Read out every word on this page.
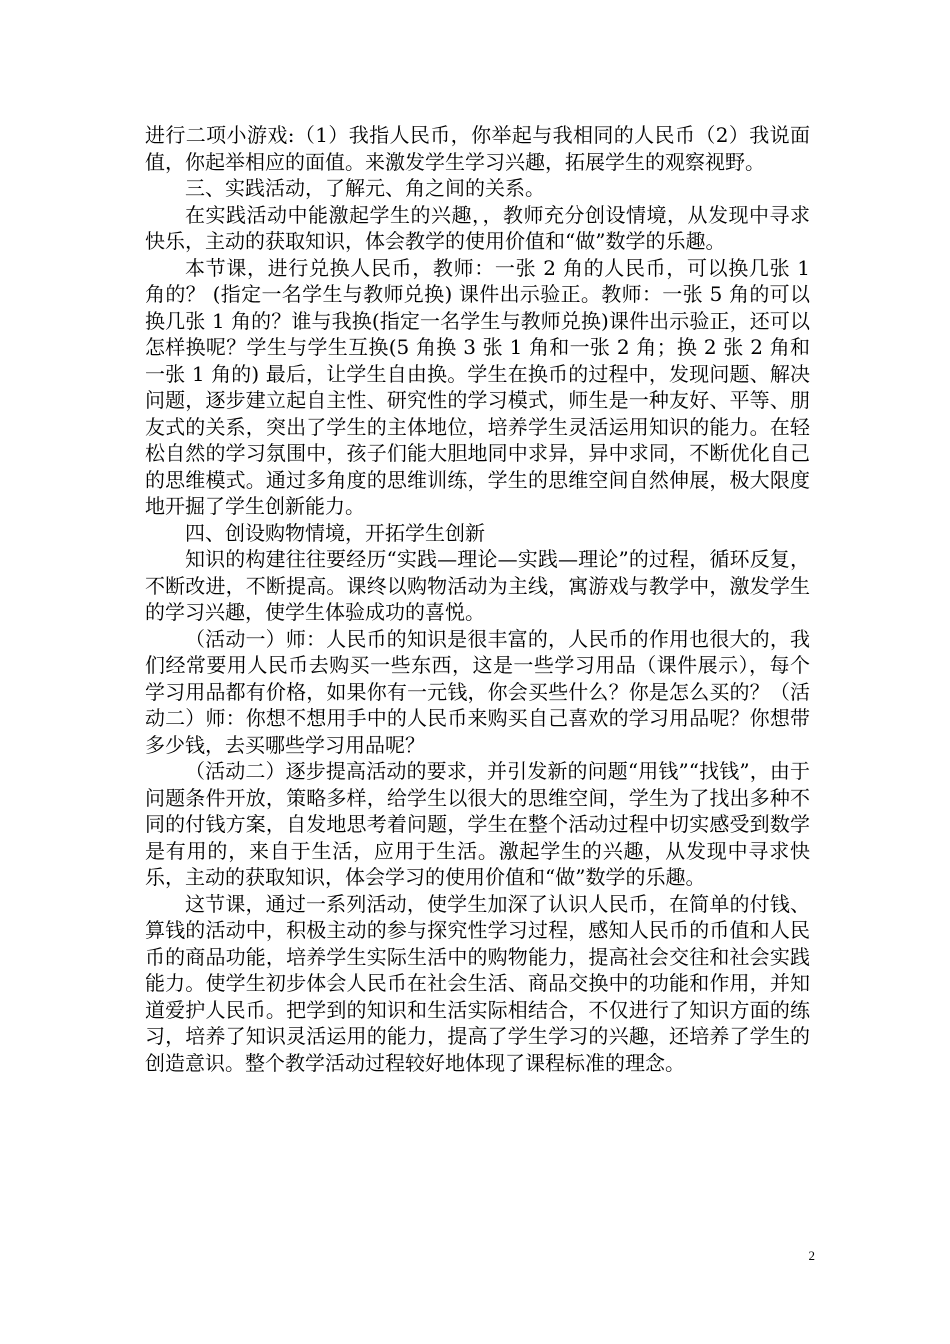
进行二项小游戏:（1）我指人民币，你举起与我相同的人民币（2）我说面值，你起举相应的面值。来激发学生学习兴趣，拓展学生的观察视野。

三、实践活动，了解元、角之间的关系。

在实践活动中能激起学生的兴趣，，教师充分创设情境，从发现中寻求快乐，主动的获取知识，体会教学的使用价值和“做”数学的乐趣。

本节课，进行兑换人民币，教师：一张 2 角的人民币，可以换几张 1 角的？ (指定一名学生与教师兑换) 课件出示验正。教师：一张 5 角的可以换几张 1 角的？谁与我换(指定一名学生与教师兑换)课件出示验正，还可以怎样换呢？学生与学生互换(5 角换 3 张 1 角和一张 2 角；换 2 张 2 角和一张 1 角的) 最后，让学生自由换。学生在换币的过程中，发现问题、解决问题，逐步建立起自主性、研究性的学习模式，师生是一种友好、平等、朋友式的关系，突出了学生的主体地位，培养学生灵活运用知识的能力。在轻松自然的学习氛围中，孩子们能大胆地同中求异，异中求同，不断优化自己的思维模式。通过多角度的思维训练，学生的思维空间自然伸展，极大限度地开掘了学生创新能力。

四、创设购物情境，开拓学生创新

知识的构建往往要经历“实践—理论—实践—理论”的过程，循环反复，不断改进，不断提高。课终以购物活动为主线，寓游戏与教学中，激发学生的学习兴趣，使学生体验成功的喜悦。

（活动一）师：人民币的知识是很丰富的，人民币的作用也很大的，我们经常要用人民币去购买一些东西，这是一些学习用品（课件展示），每个学习用品都有价格，如果你有一元钱，你会买些什么？你是怎么买的？（活动二）师：你想不想用手中的人民币来购买自己喜欢的学习用品呢？你想带多少钱，去买哪些学习用品呢？

（活动二）逐步提高活动的要求，并引发新的问题“用钱”“找钱”，由于问题条件开放，策略多样，给学生以很大的思维空间，学生为了找出多种不同的付钱方案，自发地思考着问题，学生在整个活动过程中切实感受到数学是有用的，来自于生活，应用于生活。激起学生的兴趣，从发现中寻求快乐，主动的获取知识，体会学习的使用价值和“做”数学的乐趣。

这节课，通过一系列活动，使学生加深了认识人民币，在简单的付钱、算钱的活动中，积极主动的参与探究性学习过程，感知人民币的币值和人民币的商品功能，培养学生实际生活中的购物能力，提高社会交往和社会实践能力。使学生初步体会人民币在社会生活、商品交换中的功能和作用，并知道爱护人民币。把学到的知识和生活实际相结合，不仅进行了知识方面的练习，培养了知识灵活运用的能力，提高了学生学习的兴趣，还培养了学生的创造意识。整个教学活动过程较好地体现了课程标准的理念。

2
